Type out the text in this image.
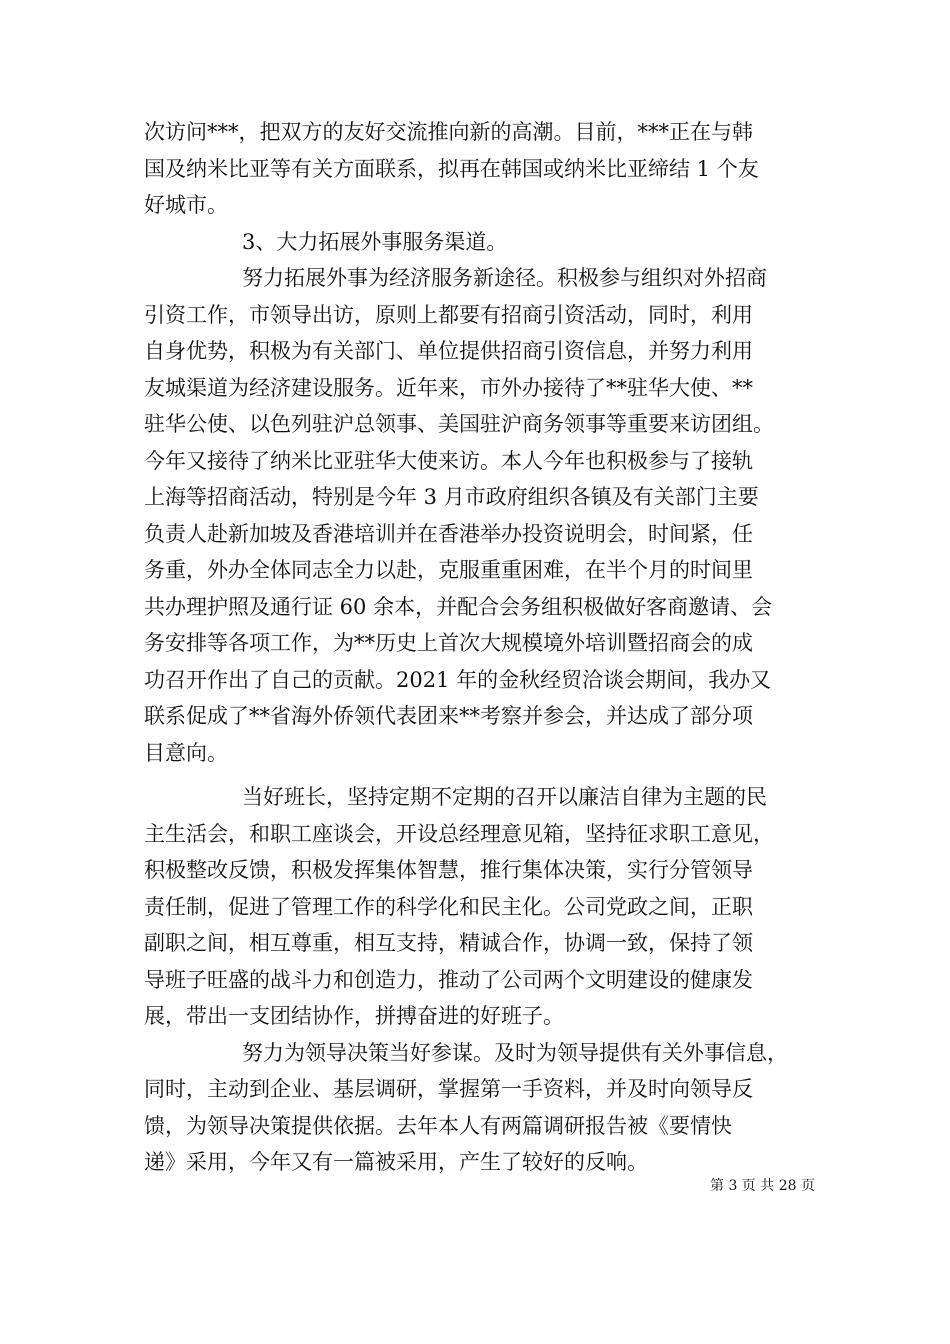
次访问***，把双方的友好交流推向新的高潮。目前，***正在与韩
国及纳米比亚等有关方面联系，拟再在韩国或纳米比亚缔结 1 个友
好城市。

3、大力拓展外事服务渠道。

努力拓展外事为经济服务新途径。积极参与组织对外招商
引资工作，市领导出访，原则上都要有招商引资活动，同时，利用
自身优势，积极为有关部门、单位提供招商引资信息，并努力利用
友城渠道为经济建设服务。近年来，市外办接待了**驻华大使、**
驻华公使、以色列驻沪总领事、美国驻沪商务领事等重要来访团组。
今年又接待了纳米比亚驻华大使来访。本人今年也积极参与了接轨
上海等招商活动，特别是今年 3 月市政府组织各镇及有关部门主要
负责人赴新加坡及香港培训并在香港举办投资说明会，时间紧，任
务重，外办全体同志全力以赴，克服重重困难，在半个月的时间里
共办理护照及通行证 60 余本，并配合会务组积极做好客商邀请、会
务安排等各项工作，为**历史上首次大规模境外培训暨招商会的成
功召开作出了自己的贡献。2021 年的金秋经贸洽谈会期间，我办又
联系促成了**省海外侨领代表团来**考察并参会，并达成了部分项
目意向。

当好班长，坚持定期不定期的召开以廉洁自律为主题的民
主生活会，和职工座谈会，开设总经理意见箱，坚持征求职工意见，
积极整改反馈，积极发挥集体智慧，推行集体决策，实行分管领导
责任制，促进了管理工作的科学化和民主化。公司党政之间，正职
副职之间，相互尊重，相互支持，精诚合作，协调一致，保持了领
导班子旺盛的战斗力和创造力，推动了公司两个文明建设的健康发
展，带出一支团结协作，拼搏奋进的好班子。

努力为领导决策当好参谋。及时为领导提供有关外事信息，
同时，主动到企业、基层调研，掌握第一手资料，并及时向领导反
馈，为领导决策提供依据。去年本人有两篇调研报告被《要情快
递》采用，今年又有一篇被采用，产生了较好的反响。

第 3 页 共 28 页
